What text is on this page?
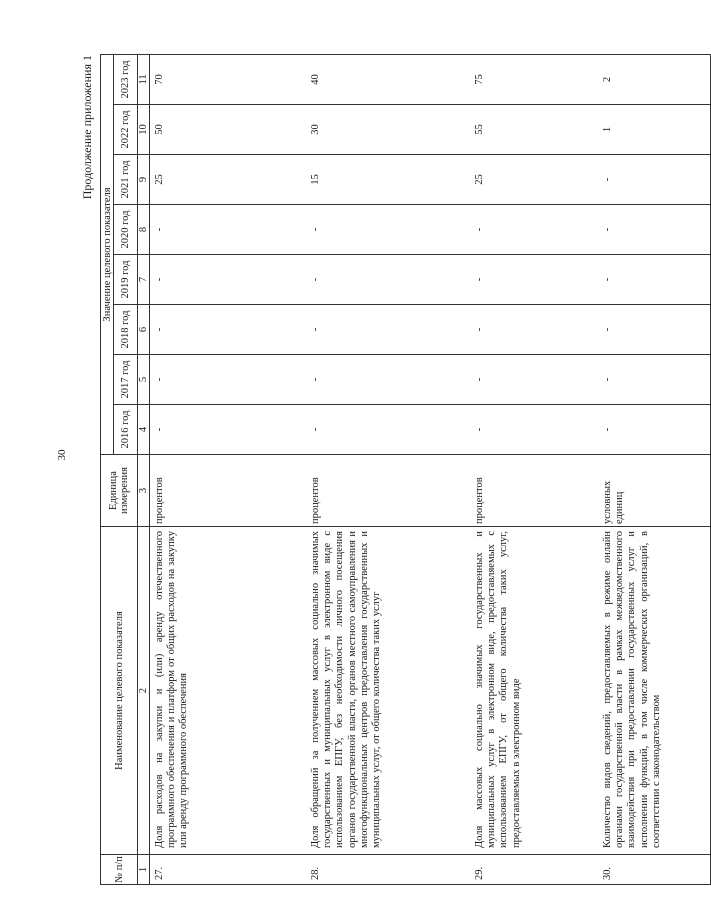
30
Продолжение приложения 1
№ п/п	Наименование целевого показателя	Единица измерения	Значение целевого показателя							
			2016 год	2017 год	2018 год	2019 год	2020 год	2021 год	2022 год	2023 год
1	2	3	4	5	6	7	8	9	10	11
27.	Доля расходов на закупки и (или) аренду отечественного программного обеспечения и платформ от общих расходов на закупку или аренду программного обеспечения	процентов	-	-	-	-	-	25	50	70
28.	Доля обращений за получением массовых социально значимых государственных и муниципальных услуг в электронном виде с использованием ЕПГУ, без необходимости личного посещения органов государственной власти, органов местного самоуправления и многофункциональных центров предоставления государственных и муниципальных услуг, от общего количества таких услуг	процентов	-	-	-	-	-	15	30	40
29.	Доля массовых социально значимых государственных и муниципальных услуг в электронном виде, предоставляемых с использованием ЕПГУ, от общего количества таких услуг, предоставляемых в электронном виде	процентов	-	-	-	-	-	25	55	75
30.	Количество видов сведений, предоставляемых в режиме онлайн органами государственной власти в рамках межведомственного взаимодействия при предоставлении государственных услуг и исполнении функций, в том числе коммерческих организаций, в соответствии с законодательством	условных единиц	-	-	-	-	-	-	1	2
